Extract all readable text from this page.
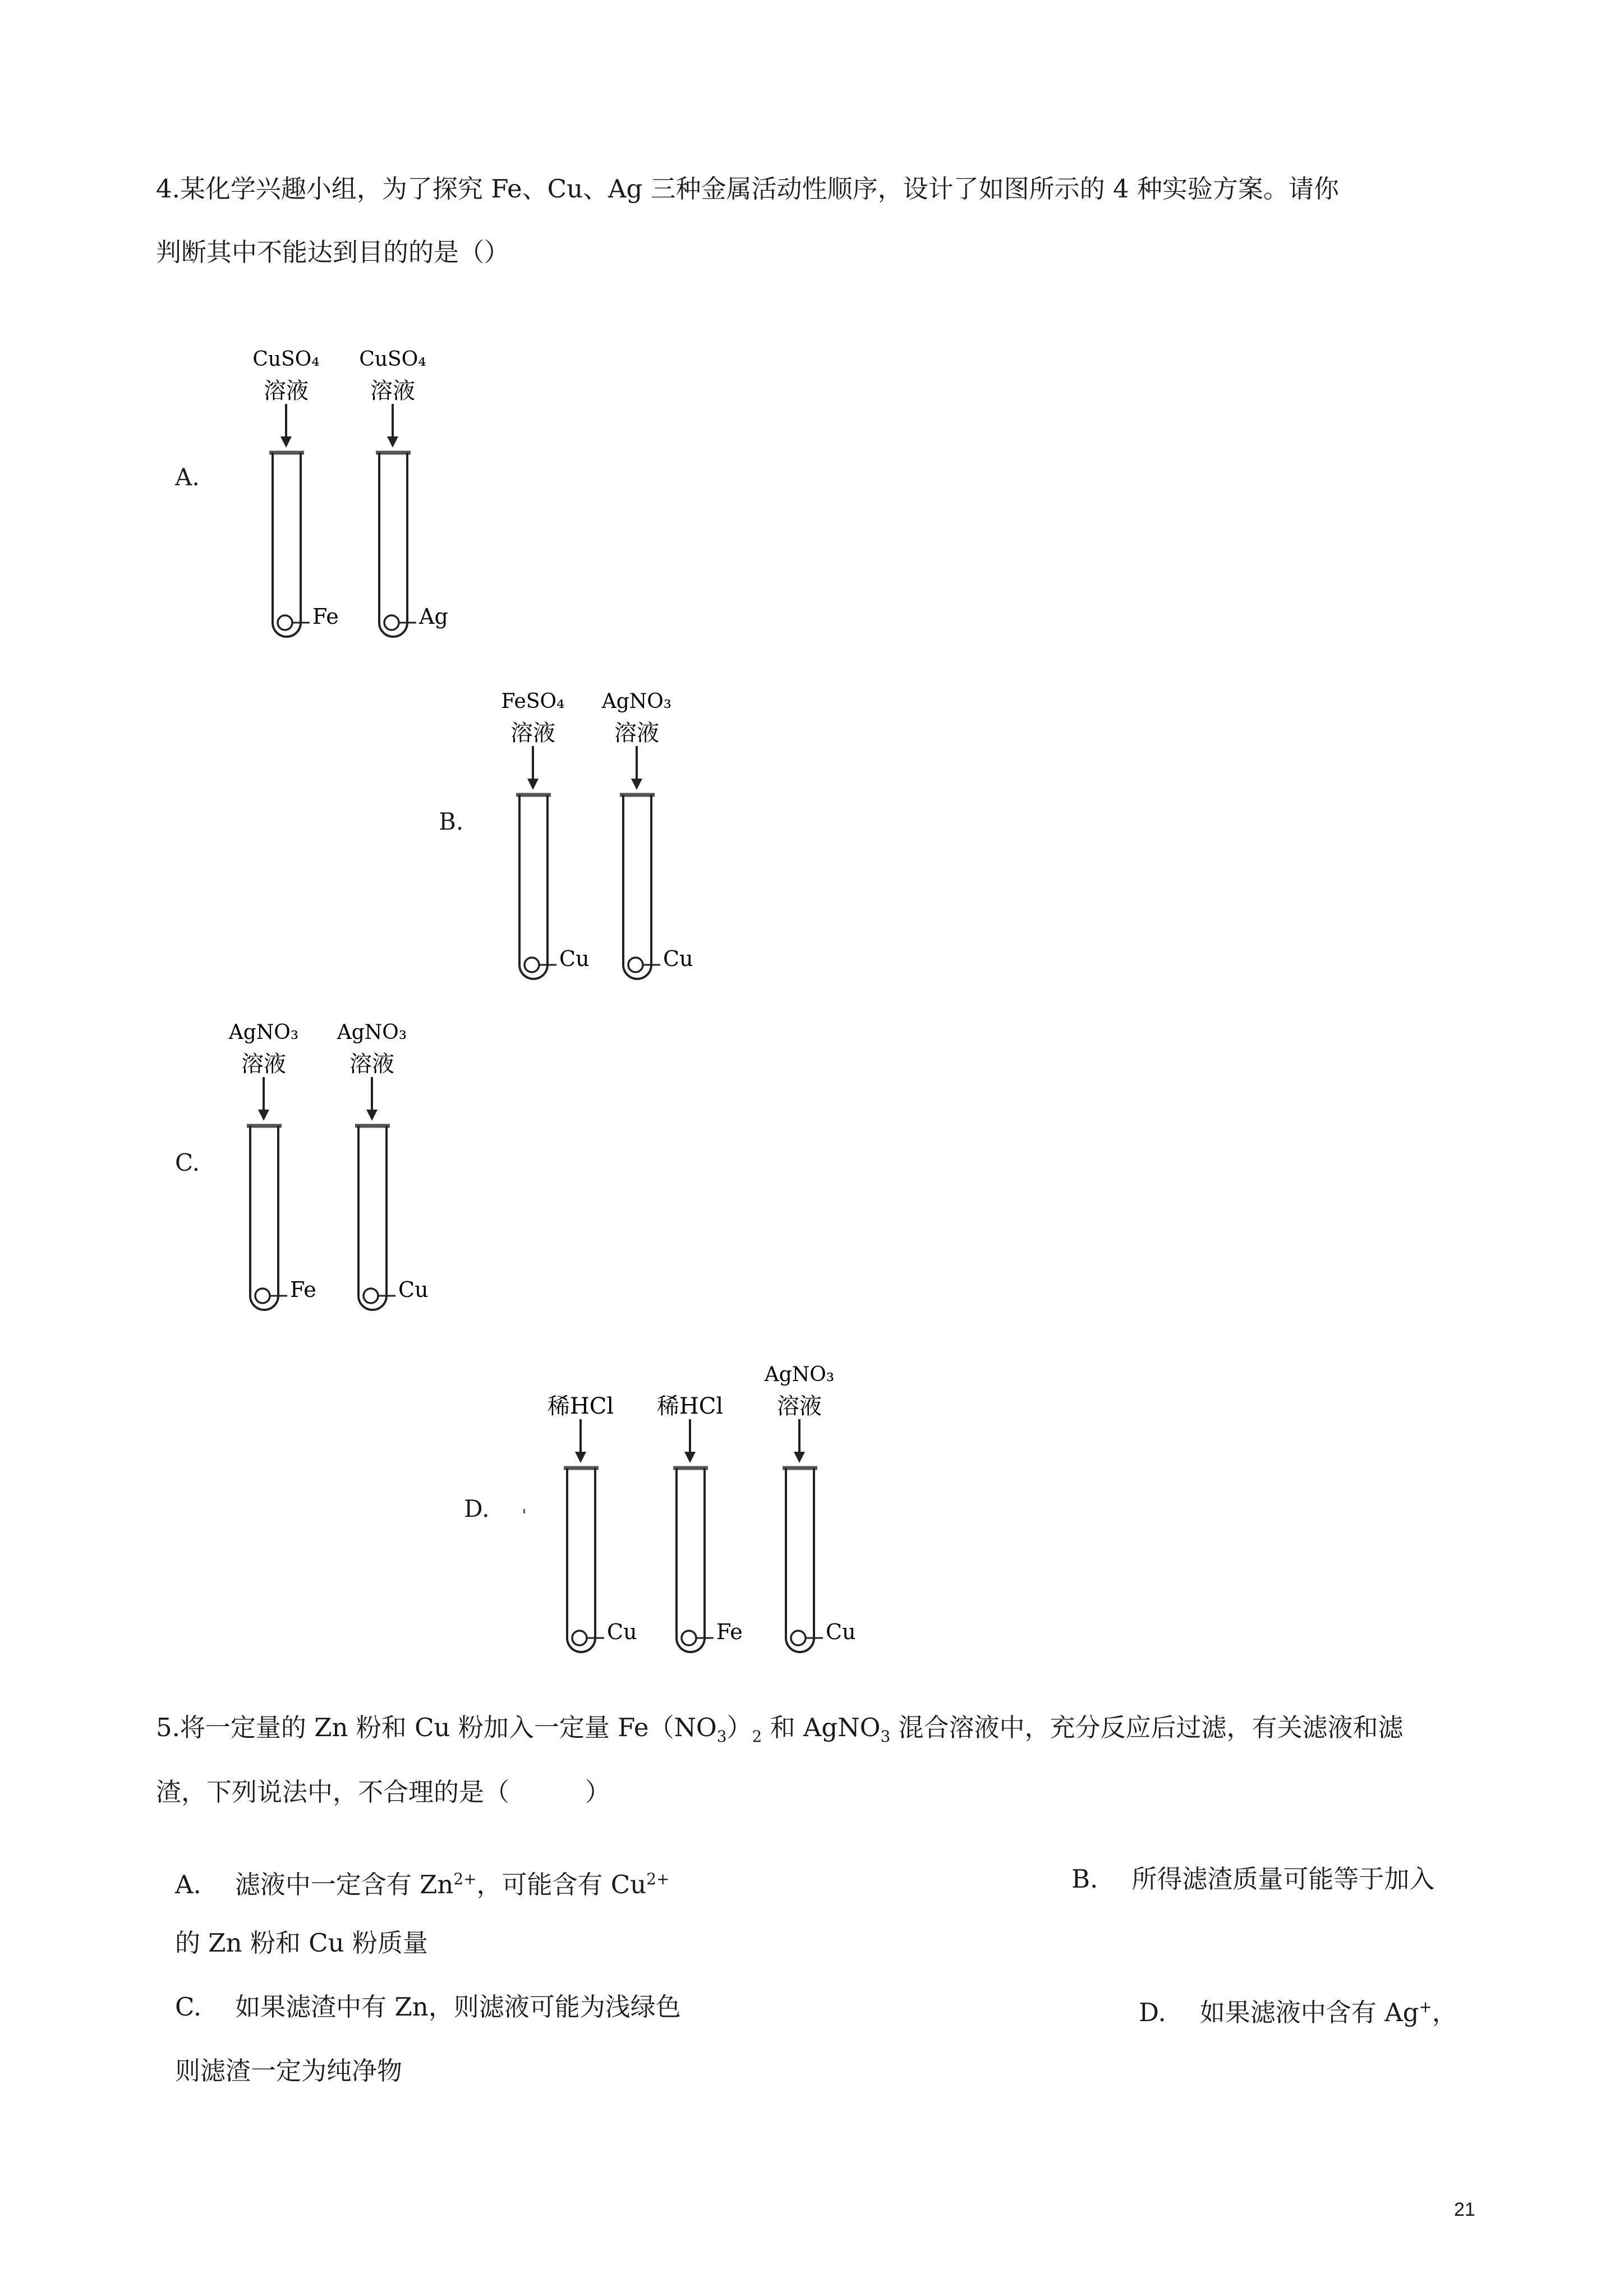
4.某化学兴趣小组，为了探究 Fe、Cu、Ag 三种金属活动性顺序，设计了如图所示的 4 种实验方案。请你
判断其中不能达到目的的是（）
A.
B.
C.
D.
CuSO₄
溶液
Fe
CuSO₄
溶液
Ag
FeSO₄
溶液
Cu
AgNO₃
溶液
Cu
AgNO₃
溶液
Fe
AgNO₃
溶液
Cu
稀HCl
Cu
稀HCl
Fe
AgNO₃
溶液
Cu
5.将一定量的 Zn 粉和 Cu 粉加入一定量 $Fe(NO_3)_2$ 和 AgNO$_3$ 混合溶液中，充分反应后过滤，有关滤液和滤
渣，下列说法中，不合理的是（　　　）
A. 滤液中一定含有 $Zn^{2+}$，可能含有 $Cu^{2+}$	B. 所得滤渣质量可能等于加入
的 Zn 粉和 Cu 粉质量
C. 如果滤渣中有 Zn，则滤液可能为浅绿色	D. 如果滤液中含有 Ag+，
则滤渣一定为纯净物
21
